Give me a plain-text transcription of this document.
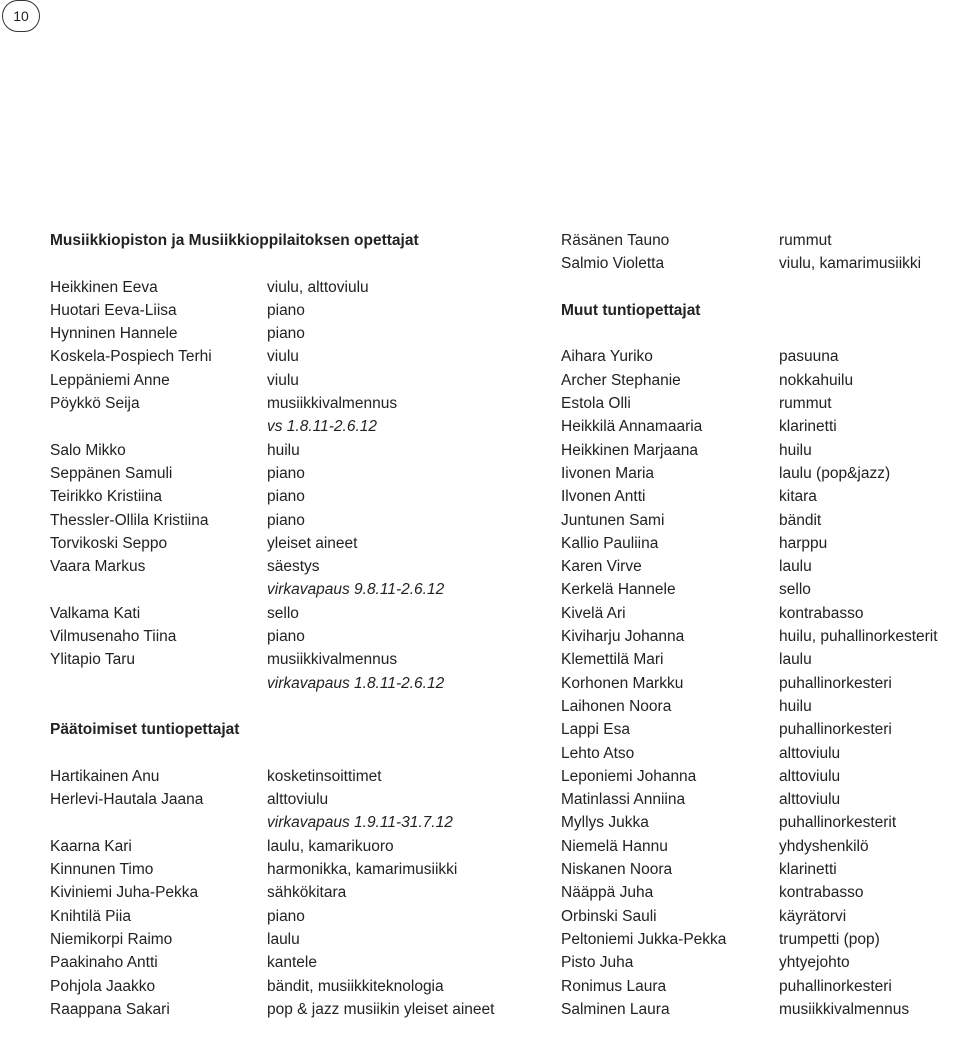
10
Musiikkiopiston ja Musiikkioppilaitoksen opettajat
Heikkinen Eeva	viulu, alttoviulu
Huotari Eeva-Liisa	piano
Hynninen Hannele	piano
Koskela-Pospiech Terhi	viulu
Leppäniemi Anne	viulu
Pöykkö Seija	musiikkivalmennus
vs 1.8.11-2.6.12
Salo Mikko	huilu
Seppänen Samuli	piano
Teirikko Kristiina	piano
Thessler-Ollila Kristiina	piano
Torvikoski Seppo	yleiset aineet
Vaara Markus	säestys
virkavapaus 9.8.11-2.6.12
Valkama Kati	sello
Vilmusenaho Tiina	piano
Ylitapio Taru	musiikkivalmennus
virkavapaus 1.8.11-2.6.12
Päätoimiset tuntiopettajat
Hartikainen Anu	kosketinsoittimet
Herlevi-Hautala Jaana	alttoviulu
virkavapaus 1.9.11-31.7.12
Kaarna Kari	laulu, kamarikuoro
Kinnunen Timo	harmonikka, kamarimusiikki
Kiviniemi Juha-Pekka	sähkökitara
Knihtilä Piia	piano
Niemikorpi Raimo	laulu
Paakinaho Antti	kantele
Pohjola Jaakko	bändit, musiikkiteknologia
Raappana Sakari	pop & jazz musiikin yleiset aineet
Räsänen Tauno	rummut
Salmio Violetta	viulu, kamarimusiikki
Muut tuntiopettajat
Aihara Yuriko	pasuuna
Archer Stephanie	nokkahuilu
Estola Olli	rummut
Heikkilä Annamaaria	klarinetti
Heikkinen Marjaana	huilu
Iivonen Maria	laulu (pop&jazz)
Ilvonen Antti	kitara
Juntunen Sami	bändit
Kallio Pauliina	harppu
Karen Virve	laulu
Kerkelä Hannele	sello
Kivelä Ari	kontrabasso
Kiviharju Johanna	huilu, puhallinorkesterit
Klemettilä Mari	laulu
Korhonen Markku	puhallinorkesteri
Laihonen Noora	huilu
Lappi Esa	puhallinorkesteri
Lehto Atso	alttoviulu
Leponiemi Johanna	alttoviulu
Matinlassi Anniina	alttoviulu
Myllys Jukka	puhallinorkesterit
Niemelä Hannu	yhdyshenkilö
Niskanen Noora	klarinetti
Nääppä Juha	kontrabasso
Orbinski Sauli	käyrätorvi
Peltoniemi Jukka-Pekka	trumpetti (pop)
Pisto Juha	yhtyejohto
Ronimus Laura	puhallinorkesteri
Salminen Laura	musiikkivalmennus
